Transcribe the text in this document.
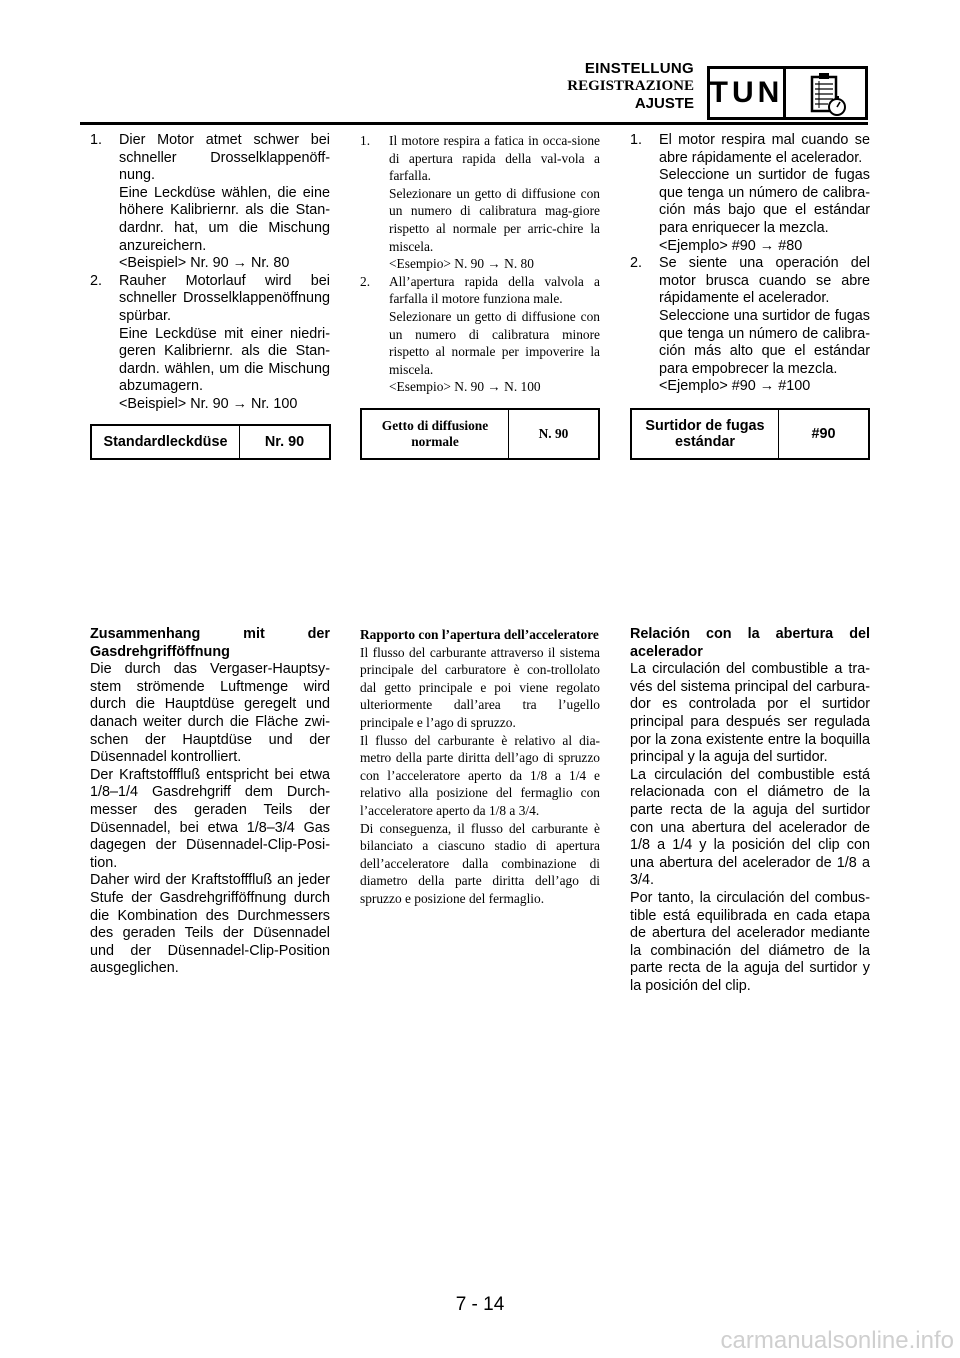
EINSTELLUNG
REGISTRAZIONE
AJUSTE TUN
1. Dier Motor atmet schwer bei schneller Drosselklappenöff-nung.

Eine Leckdüse wählen, die eine höhere Kalibriernr. als die Stan-dardnr. hat, um die Mischung anzureichern.

<Beispiel> Nr. 90 → Nr. 80

2. Rauher Motorlauf wird bei schneller Drosselklappenöffnung spürbar.

Eine Leckdüse mit einer niedri-geren Kalibriernr. als die Stan-dardn. wählen, um die Mischung abzumagern.

<Beispiel> Nr. 90 → Nr. 100

Standardleckdüse	Nr. 90

Zusammenhang mit der Gasdrehgrifföffnung

Die durch das Vergaser-Hauptsy-stem strömende Luftmenge wird durch die Hauptdüse geregelt und danach weiter durch die Fläche zwi-schen der Hauptdüse und der Düsennadel kontrolliert.

Der Kraftstofffluß entspricht bei etwa 1/8–1/4 Gasdrehgriff dem Durch-messer des geraden Teils der Düsennadel, bei etwa 1/8–3/4 Gas dagegen der Düsennadel-Clip-Posi-tion.

Daher wird der Kraftstofffluß an jeder Stufe der Gasdrehgrifföffnung durch die Kombination des Durchmessers des geraden Teils der Düsennadel und der Düsennadel-Clip-Position ausgeglichen.

1. Il motore respira a fatica in occa-sione di apertura rapida della val-vola a farfalla.

Selezionare un getto di diffusione con un numero di calibratura mag-giore rispetto al normale per arric-chire la miscela.

<Esempio> N. 90 → N. 80

2. All’apertura rapida della valvola a farfalla il motore funziona male.

Selezionare un getto di diffusione con un numero di calibratura minore rispetto al normale per impoverire la miscela.

<Esempio> N. 90 → N. 100

Getto di diffusione normale
N. 90

Rapporto con l’apertura dell’acceleratore

Il flusso del carburante attraverso il sistema principale del carburatore è con-trollolato dal getto principale e poi viene regolato ulteriormente dall’area tra l’ugello principale e l’ago di spruzzo.

Il flusso del carburante è relativo al dia-metro della parte diritta dell’ago di spruzzo con l’acceleratore aperto da 1/8 a 1/4 e relativo alla posizione del fermaglio con l’acceleratore aperto da 1/8 a 3/4.

Di conseguenza, il flusso del carburante è bilanciato a ciascuno stadio di apertura dell’acceleratore dalla combinazione di diametro della parte diritta dell’ago di spruzzo e posizione del fermaglio.

1. El motor respira mal cuando se abre rápidamente el acelerador.

Seleccione un surtidor de fugas que tenga un número de calibra-ción más bajo que el estándar para enriquecer la mezcla.

<Ejemplo> #90 → #80

2. Se siente una operación del motor brusca cuando se abre rápidamente el acelerador.

Seleccione una surtidor de fugas que tenga un número de calibra-ción más alto que el estándar para empobrecer la mezcla.

<Ejemplo> #90 → #100

Surtidor de fugas estándar	#90

Relación con la abertura del acelerador

La circulación del combustible a tra-vés del sistema principal del carbura-dor es controlada por el surtidor principal para después ser regulada por la zona existente entre la boquilla principal y la aguja del surtidor.

La circulación del combustible está relacionada con el diámetro de la parte recta de la aguja del surtidor con una abertura del acelerador de 1/8 a 1/4 y la posición del clip con una abertura del acelerador de 1/8 a 3/4.

Por tanto, la circulación del combus-tible está equilibrada en cada etapa de abertura del acelerador mediante la combinación del diámetro de la parte recta de la aguja del surtidor y la posición del clip.

7 - 14
carmanualsonline.info
